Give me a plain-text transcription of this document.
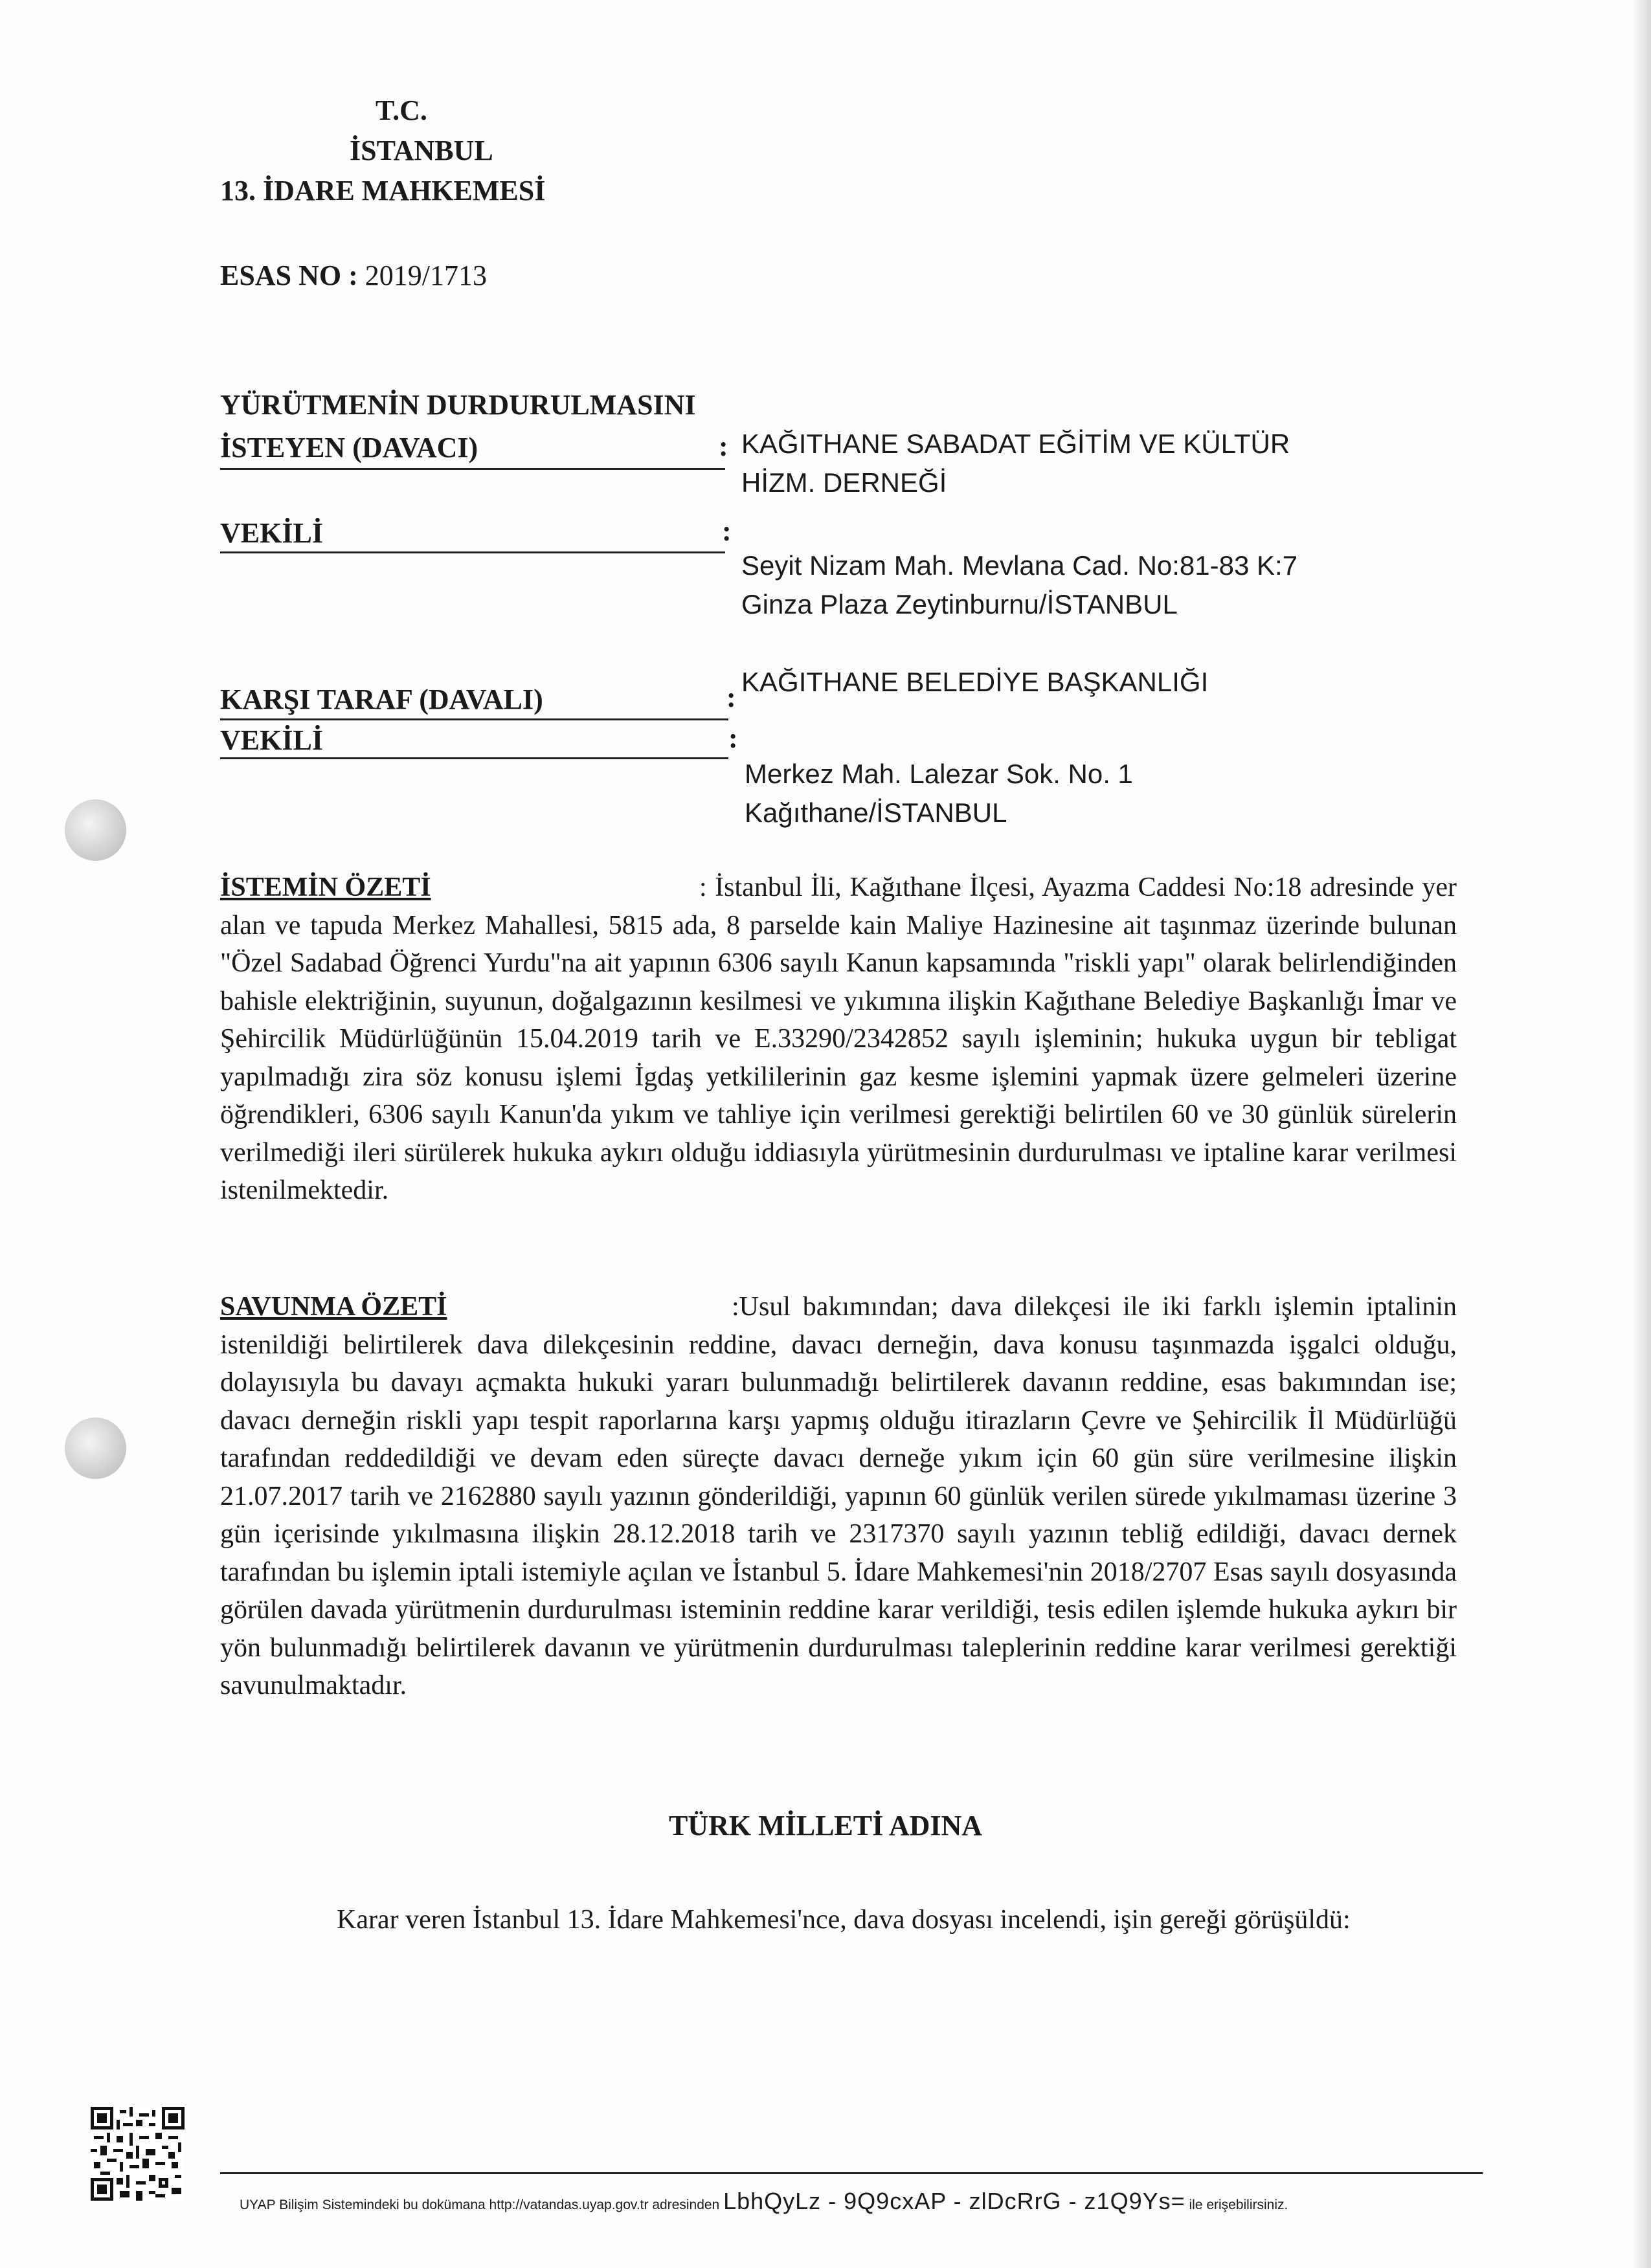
T.C.
İSTANBUL
13. İDARE MAHKEMESİ
ESAS NO : 2019/1713
YÜRÜTMENİN DURDURULMASINI
İSTEYEN (DAVACI)	: KAĞITHANE SABADAT EĞİTİM VE KÜLTÜR
HİZM. DERNEĞİ
VEKİLİ	:
Seyit Nizam Mah. Mevlana Cad. No:81-83 K:7
Ginza Plaza Zeytinburnu/İSTANBUL
KARŞI TARAF (DAVALI)	: KAĞITHANE BELEDİYE BAŞKANLIĞI
VEKİLİ	:
Merkez Mah. Lalezar Sok. No. 1
Kağıthane/İSTANBUL
İSTEMİN ÖZETİ	: İstanbul İli, Kağıthane İlçesi, Ayazma Caddesi No:18 adresinde yer alan ve tapuda Merkez Mahallesi, 5815 ada, 8 parselde kain Maliye Hazinesine ait taşınmaz üzerinde bulunan "Özel Sadabad Öğrenci Yurdu"na ait yapının 6306 sayılı Kanun kapsamında "riskli yapı" olarak belirlendiğinden bahisle elektriğinin, suyunun, doğalgazının kesilmesi ve yıkımına ilişkin Kağıthane Belediye Başkanlığı İmar ve Şehircilik Müdürlüğünün 15.04.2019 tarih ve E.33290/2342852 sayılı işleminin; hukuka uygun bir tebligat yapılmadığı zira söz konusu işlemi İgdaş yetkililerinin gaz kesme işlemini yapmak üzere gelmeleri üzerine öğrendikleri, 6306 sayılı Kanun'da yıkım ve tahliye için verilmesi gerektiği belirtilen 60 ve 30 günlük sürelerin verilmediği ileri sürülerek hukuka aykırı olduğu iddiasıyla yürütmesinin durdurulması ve iptaline karar verilmesi istenilmektedir.
SAVUNMA ÖZETİ	:Usul bakımından; dava dilekçesi ile iki farklı işlemin iptalinin istenildiği belirtilerek dava dilekçesinin reddine, davacı derneğin, dava konusu taşınmazda işgalci olduğu, dolayısıyla bu davayı açmakta hukuki yararı bulunmadığı belirtilerek davanın reddine, esas bakımından ise; davacı derneğin riskli yapı tespit raporlarına karşı yapmış olduğu itirazların Çevre ve Şehircilik İl Müdürlüğü tarafından reddedildiği ve devam eden süreçte davacı derneğe yıkım için 60 gün süre verilmesine ilişkin 21.07.2017 tarih ve 2162880 sayılı yazının gönderildiği, yapının 60 günlük verilen sürede yıkılmaması üzerine 3 gün içerisinde yıkılmasına ilişkin 28.12.2018 tarih ve 2317370 sayılı yazının tebliğ edildiği, davacı dernek tarafından bu işlemin iptali istemiyle açılan ve İstanbul 5. İdare Mahkemesi'nin 2018/2707 Esas sayılı dosyasında görülen davada yürütmenin durdurulması isteminin reddine karar verildiği, tesis edilen işlemde hukuka aykırı bir yön bulunmadığı belirtilerek davanın ve yürütmenin durdurulması taleplerinin reddine karar verilmesi gerektiği savunulmaktadır.
TÜRK MİLLETİ ADINA
Karar veren İstanbul 13. İdare Mahkemesi'nce, dava dosyası incelendi, işin gereği görüşüldü:
UYAP Bilişim Sistemindeki bu dokümana http://vatandas.uyap.gov.tr adresinden LbhQyLz - 9Q9cxAP - zlDcRrG - z1Q9Ys= ile erişebilirsiniz.
